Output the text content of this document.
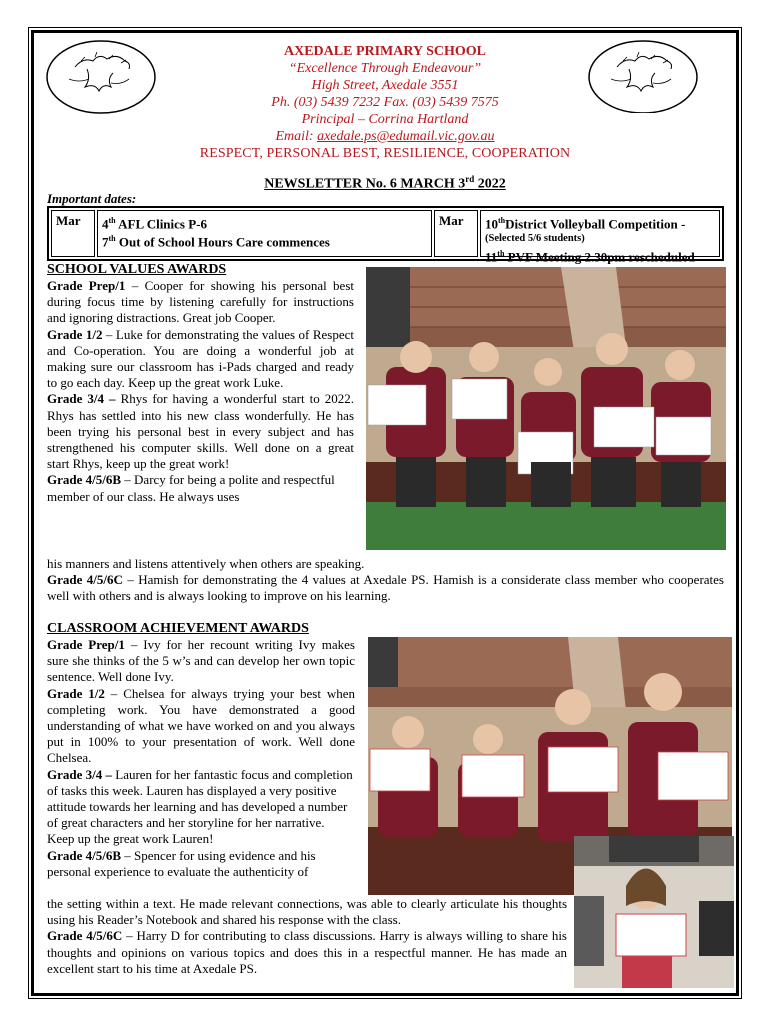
AXEDALE PRIMARY SCHOOL
“Excellence Through Endeavour”
High Street, Axedale 3551
Ph. (03) 5439 7232 Fax. (03) 5439 7575
Principal – Corrina Hartland
Email: axedale.ps@edumail.vic.gov.au
RESPECT, PERSONAL BEST, RESILIENCE, COOPERATION
NEWSLETTER No. 6 MARCH 3rd 2022
Important dates:
Mar	4th AFL Clinics P-6
7th Out of School Hours Care commences
Mar	10thDistrict Volleyball Competition -
(Selected 5/6 students)
11th PVF Meeting 2.30pm rescheduled
SCHOOL VALUES AWARDS

Grade Prep/1 – Cooper for showing his personal best during focus time by listening carefully for instructions and ignoring distractions. Great job Cooper.

Grade 1/2 – Luke for demonstrating the values of Respect and Co-operation. You are doing a wonderful job at making sure our classroom has i-Pads charged and ready to go each day. Keep up the great work Luke.

Grade 3/4 – Rhys for having a wonderful start to 2022. Rhys has settled into his new class wonderfully. He has been trying his personal best in every subject and has strengthened his computer skills. Well done on a great start Rhys, keep up the great work!

Grade 4/5/6B – Darcy for being a polite and respectful member of our class. He always uses

his manners and listens attentively when others are speaking.

Grade 4/5/6C – Hamish for demonstrating the 4 values at Axedale PS. Hamish is a considerate class member who cooperates well with others and is always looking to improve on his learning.

CLASSROOM ACHIEVEMENT AWARDS

Grade Prep/1 – Ivy for her recount writing Ivy makes sure she thinks of the 5 w’s and can develop her own topic sentence. Well done Ivy.

Grade 1/2 – Chelsea for always trying your best when completing work. You have demonstrated a good understanding of what we have worked on and you always put in 100% to your presentation of work. Well done Chelsea.

Grade 3/4 – Lauren for her fantastic focus and completion of tasks this week. Lauren has displayed a very positive attitude towards her learning and has developed a number of great characters and her storyline for her narrative. Keep up the great work Lauren!

Grade 4/5/6B – Spencer for using evidence and his personal experience to evaluate the authenticity of

the setting within a text. He made relevant connections, was able to clearly articulate his thoughts using his Reader’s Notebook and shared his response with the class.

Grade 4/5/6C – Harry D for contributing to class discussions. Harry is always willing to share his thoughts and opinions on various topics and does this in a respectful manner. He has made an excellent start to his time at Axedale PS.
